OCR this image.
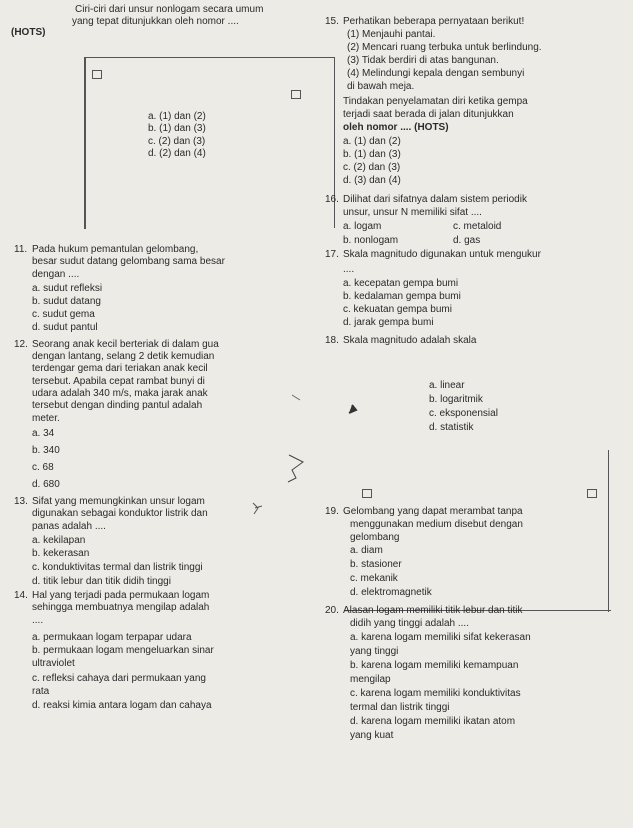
Ciri-ciri dari unsur nonlogam secara umum
yang tepat ditunjukkan oleh nomor ....
(HOTS)
a. (1) dan (2)
b. (1) dan (3)
c. (2) dan (3)
d. (2) dan (4)
11. Pada hukum pemantulan gelombang,
besar sudut datang gelombang sama besar
dengan ....
a. sudut refleksi
b. sudut datang
c. sudut gema
d. sudut pantul
12. Seorang anak kecil berteriak di dalam gua
dengan lantang, selang 2 detik kemudian
terdengar gema dari teriakan anak kecil
tersebut. Apabila cepat rambat bunyi di
udara adalah 340 m/s, maka jarak anak
tersebut dengan dinding pantul adalah
meter.
a. 34
b. 340
c. 68
d. 680
13. Sifat yang memungkinkan unsur logam
digunakan sebagai konduktor listrik dan
panas adalah ....
a. kekilapan
b. kekerasan
c. konduktivitas termal dan listrik tinggi
d. titik lebur dan titik didih tinggi
14. Hal yang terjadi pada permukaan logam
sehingga membuatnya mengilap adalah
....
a. permukaan logam terpapar udara
b. permukaan logam mengeluarkan sinar
ultraviolet
c. refleksi cahaya dari permukaan yang
rata
d. reaksi kimia antara logam dan cahaya
15. Perhatikan beberapa pernyataan berikut!
(1) Menjauhi pantai.
(2) Mencari ruang terbuka untuk berlindung.
(3) Tidak berdiri di atas bangunan.
(4) Melindungi kepala dengan sembunyi
di bawah meja.
Tindakan penyelamatan diri ketika gempa
terjadi saat berada di jalan ditunjukkan
oleh nomor .... (HOTS)
a. (1) dan (2)
b. (1) dan (3)
c. (2) dan (3)
d. (3) dan (4)
16. Dilihat dari sifatnya dalam sistem periodik
unsur, unsur N memiliki sifat ....
a. logam	c. metaloid
b. nonlogam	d. gas
17. Skala magnitudo digunakan untuk mengukur
....
a. kecepatan gempa bumi
b. kedalaman gempa bumi
c. kekuatan gempa bumi
d. jarak gempa bumi
18. Skala magnitudo adalah skala
a. linear
b. logaritmik
c. eksponensial
d. statistik
19. Gelombang yang dapat merambat tanpa
menggunakan medium disebut dengan
gelombang
a. diam
b. stasioner
c. mekanik
d. elektromagnetik
20. Alasan logam memiliki titik lebur dan titik
didih yang tinggi adalah ....
a. karena logam memiliki sifat kekerasan
yang tinggi
b. karena logam memiliki kemampuan
mengilap
c. karena logam memiliki konduktivitas
termal dan listrik tinggi
d. karena logam memiliki ikatan atom
yang kuat
